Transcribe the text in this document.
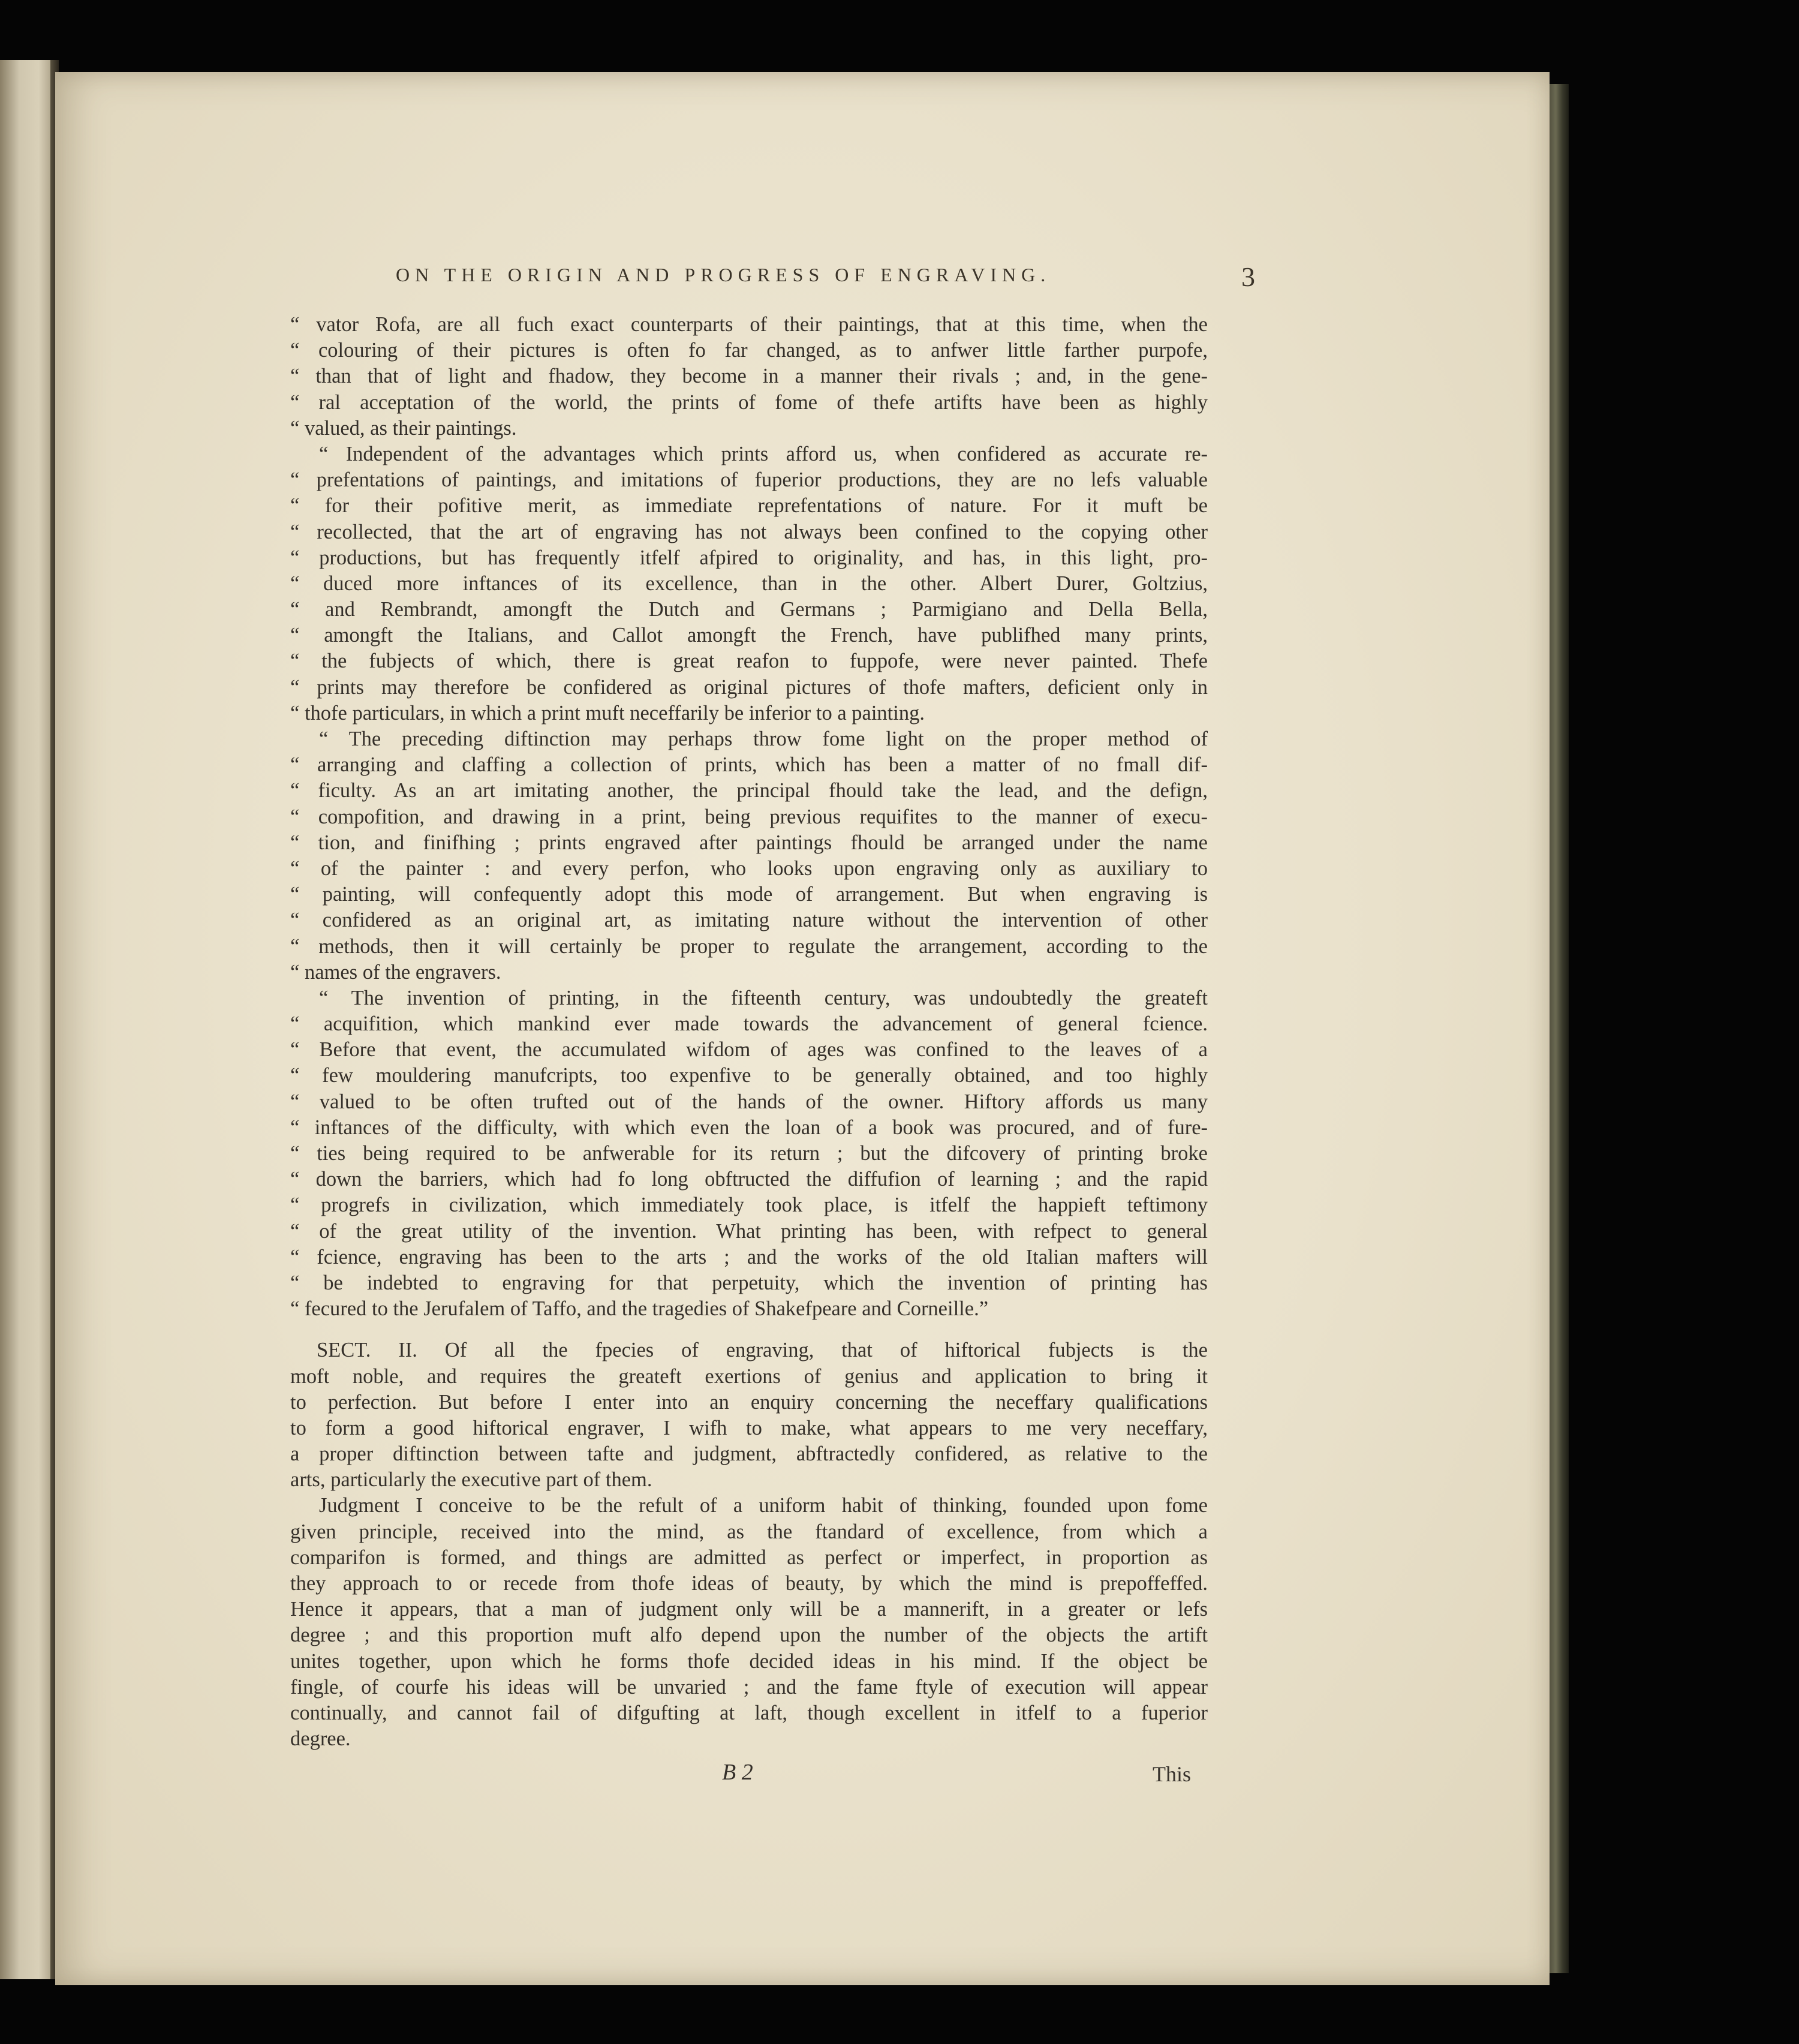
ON THE ORIGIN AND PROGRESS OF ENGRAVING.	3
“ vator Rofa, are all fuch exact counterparts of their paintings, that at this time, when the
“ colouring of their pictures is often fo far changed, as to anfwer little farther purpofe,
“ than that of light and fhadow, they become in a manner their rivals ; and, in the gene-
“ ral acceptation of the world, the prints of fome of thefe artifts have been as highly
“ valued, as their paintings.
“ Independent of the advantages which prints afford us, when confidered as accurate re-
“ prefentations of paintings, and imitations of fuperior productions, they are no lefs valuable
“ for their pofitive merit, as immediate reprefentations of nature. For it muft be
“ recollected, that the art of engraving has not always been confined to the copying other
“ productions, but has frequently itfelf afpired to originality, and has, in this light, pro-
“ duced more inftances of its excellence, than in the other. Albert Durer, Goltzius,
“ and Rembrandt, amongft the Dutch and Germans ; Parmigiano and Della Bella,
“ amongft the Italians, and Callot amongft the French, have publifhed many prints,
“ the fubjects of which, there is great reafon to fuppofe, were never painted. Thefe
“ prints may therefore be confidered as original pictures of thofe mafters, deficient only in
“ thofe particulars, in which a print muft neceffarily be inferior to a painting.
“ The preceding diftinction may perhaps throw fome light on the proper method of
“ arranging and claffing a collection of prints, which has been a matter of no fmall dif-
“ ficulty. As an art imitating another, the principal fhould take the lead, and the defign,
“ compofition, and drawing in a print, being previous requifites to the manner of execu-
“ tion, and finifhing ; prints engraved after paintings fhould be arranged under the name
“ of the painter : and every perfon, who looks upon engraving only as auxiliary to
“ painting, will confequently adopt this mode of arrangement. But when engraving is
“ confidered as an original art, as imitating nature without the intervention of other
“ methods, then it will certainly be proper to regulate the arrangement, according to the
“ names of the engravers.
“ The invention of printing, in the fifteenth century, was undoubtedly the greateft
“ acquifition, which mankind ever made towards the advancement of general fcience.
“ Before that event, the accumulated wifdom of ages was confined to the leaves of a
“ few mouldering manufcripts, too expenfive to be generally obtained, and too highly
“ valued to be often trufted out of the hands of the owner. Hiftory affords us many
“ inftances of the difficulty, with which even the loan of a book was procured, and of fure-
“ ties being required to be anfwerable for its return ; but the difcovery of printing broke
“ down the barriers, which had fo long obftructed the diffufion of learning ; and the rapid
“ progrefs in civilization, which immediately took place, is itfelf the happieft teftimony
“ of the great utility of the invention. What printing has been, with refpect to general
“ fcience, engraving has been to the arts ; and the works of the old Italian mafters will
“ be indebted to engraving for that perpetuity, which the invention of printing has
“ fecured to the Jerufalem of Taffo, and the tragedies of Shakefpeare and Corneille.”
SECT. II. Of all the fpecies of engraving, that of hiftorical fubjects is the
moft noble, and requires the greateft exertions of genius and application to bring it
to perfection. But before I enter into an enquiry concerning the neceffary qualifications
to form a good hiftorical engraver, I wifh to make, what appears to me very neceffary,
a proper diftinction between tafte and judgment, abftractedly confidered, as relative to the
arts, particularly the executive part of them.
Judgment I conceive to be the refult of a uniform habit of thinking, founded upon fome
given principle, received into the mind, as the ftandard of excellence, from which a
comparifon is formed, and things are admitted as perfect or imperfect, in proportion as
they approach to or recede from thofe ideas of beauty, by which the mind is prepoffeffed.
Hence it appears, that a man of judgment only will be a mannerift, in a greater or lefs
degree ; and this proportion muft alfo depend upon the number of the objects the artift
unites together, upon which he forms thofe decided ideas in his mind. If the object be
fingle, of courfe his ideas will be unvaried ; and the fame ftyle of execution will appear
continually, and cannot fail of difgufting at laft, though excellent in itfelf to a fuperior
degree.
B 2	This
